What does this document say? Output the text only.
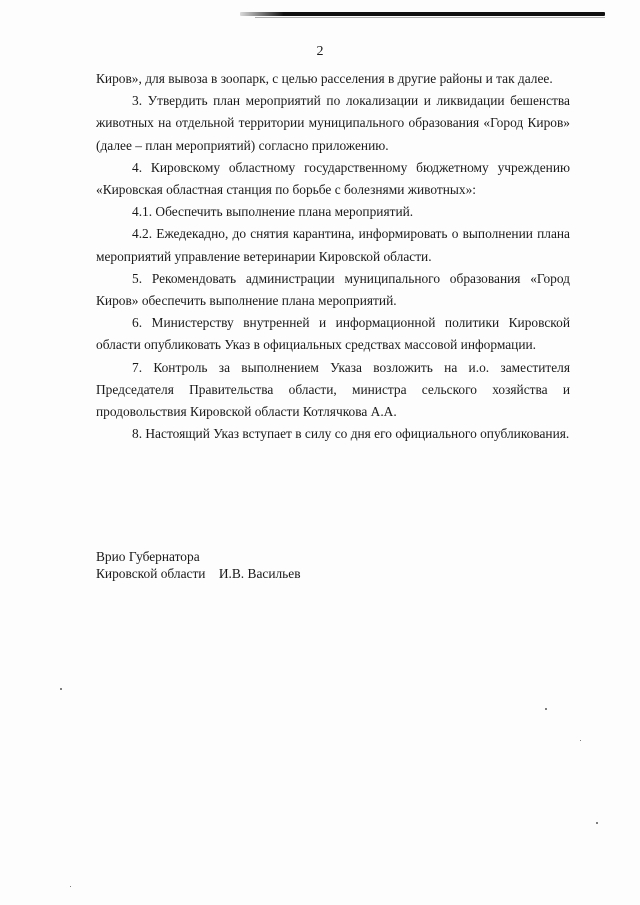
2

Киров», для вывоза в зоопарк, с целью расселения в другие районы и так далее.

3. Утвердить план мероприятий по локализации и ликвидации бешенства животных на отдельной территории муниципального образования «Город Киров» (далее – план мероприятий) согласно приложению.

4. Кировскому областному государственному бюджетному учреждению «Кировская областная станция по борьбе с болезнями животных»:

4.1. Обеспечить выполнение плана мероприятий.

4.2. Ежедекадно, до снятия карантина, информировать о выполнении плана мероприятий управление ветеринарии Кировской области.

5. Рекомендовать администрации муниципального образования «Город Киров» обеспечить выполнение плана мероприятий.

6. Министерству внутренней и информационной политики Кировской области опубликовать Указ в официальных средствах массовой информации.

7. Контроль за выполнением Указа возложить на и.о. заместителя Председателя Правительства области, министра сельского хозяйства и продовольствия Кировской области Котлячкова А.А.

8. Настоящий Указ вступает в силу со дня его официального опубликования.

Врио Губернатора
Кировской области    И.В. Васильев
